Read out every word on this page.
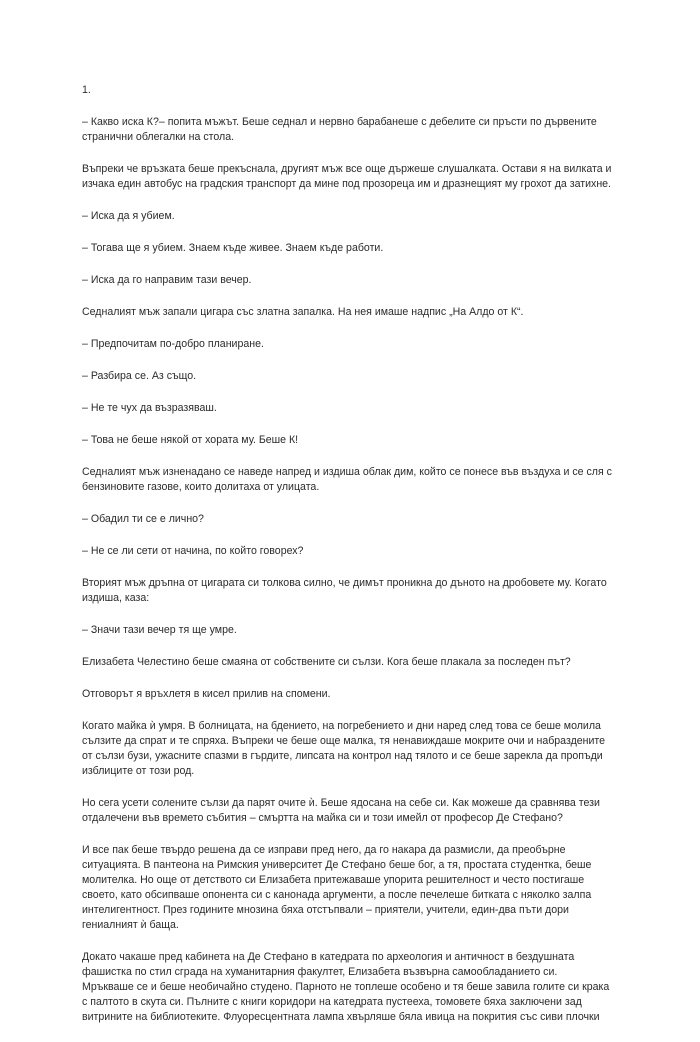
1.

– Какво иска К?– попита мъжът. Беше седнал и нервно барабанеше с дебелите си пръсти по дървените
странични облегалки на стола.

Въпреки че връзката беше прекъснала, другият мъж все още държеше слушалката. Остави я на вилката и
изчака един автобус на градския транспорт да мине под прозореца им и дразнещият му грохот да затихне.

– Иска да я убием.

– Тогава ще я убием. Знаем къде живее. Знаем къде работи.

– Иска да го направим тази вечер.

Седналият мъж запали цигара със златна запалка. На нея имаше надпис „На Алдо от К“.

– Предпочитам по-добро планиране.

– Разбира се. Аз също.

– Не те чух да възразяваш.

– Това не беше някой от хората му. Беше К!

Седналият мъж изненадано се наведе напред и издиша облак дим, който се понесе във въздуха и се сля с
бензиновите газове, които долитаха от улицата.

– Обадил ти се е лично?

– Не се ли сети от начина, по който говорех?

Вторият мъж дръпна от цигарата си толкова силно, че димът проникна до дъното на дробовете му. Когато
издиша, каза:

– Значи тази вечер тя ще умре.

Елизабета Челестино беше смаяна от собствените си сълзи. Кога беше плакала за последен път?

Отговорът я връхлетя в кисел прилив на спомени.

Когато майка ѝ умря. В болницата, на бдението, на погребението и дни наред след това се беше молила
сълзите да спрат и те спряха. Въпреки че беше още малка, тя ненавиждаше мокрите очи и набраздените
от сълзи бузи, ужасните спазми в гърдите, липсата на контрол над тялото и се беше зарекла да пропъди
изблиците от този род.

Но сега усети солените сълзи да парят очите ѝ. Беше ядосана на себе си. Как можеше да сравнява тези
отдалечени във времето събития – смъртта на майка си и този имейл от професор Де Стефано?

И все пак беше твърдо решена да се изправи пред него, да го накара да размисли, да преобърне
ситуацията. В пантеона на Римския университет Де Стефано беше бог, а тя, простата студентка, беше
молителка. Но още от детството си Елизабета притежаваше упорита решителност и често постигаше
своето, като обсипваше опонента си с канонада аргументи, а после печелеше битката с няколко залпа
интелигентност. През годините мнозина бяха отстъпвали – приятели, учители, един-два пъти дори
гениалният ѝ баща.

Докато чакаше пред кабинета на Де Стефано в катедрата по археология и античност в бездушната
фашистка по стил сграда на хуманитарния факултет, Елизабета възвърна самообладанието си.
Мръкваше се и беше необичайно студено. Парното не топлеше особено и тя беше завила голите си крака
с палтото в скута си. Пълните с книги коридори на катедрата пустееха, томовете бяха заключени зад
витрините на библиотеките. Флуоресцентната лампа хвърляше бяла ивица на покрития със сиви плочки
